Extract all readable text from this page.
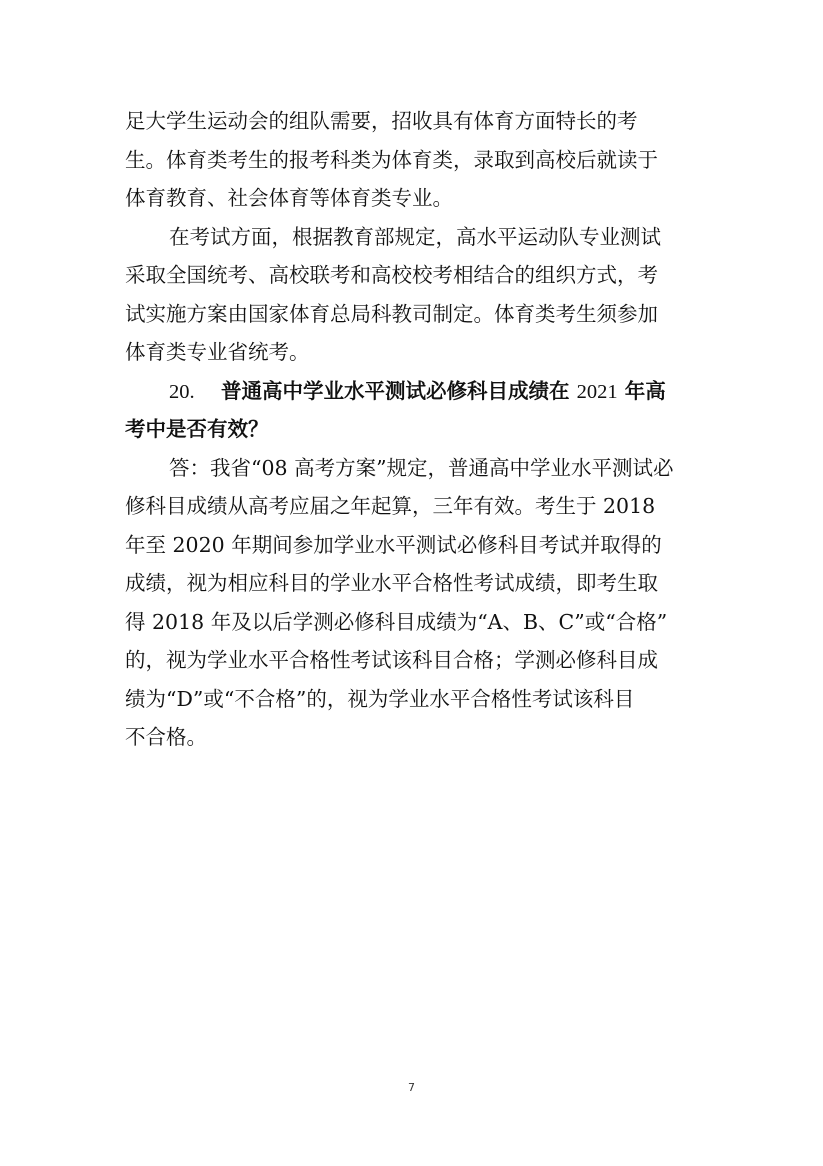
足大学生运动会的组队需要，招收具有体育方面特长的考
生。体育类考生的报考科类为体育类，录取到高校后就读于
体育教育、社会体育等体育类专业。
在考试方面，根据教育部规定，高水平运动队专业测试
采取全国统考、高校联考和高校校考相结合的组织方式，考
试实施方案由国家体育总局科教司制定。体育类考生须参加
体育类专业省统考。
20. 普通高中学业水平测试必修科目成绩在 2021 年高
考中是否有效？
答：我省“08 高考方案”规定，普通高中学业水平测试必
修科目成绩从高考应届之年起算，三年有效。考生于 2018
年至 2020 年期间参加学业水平测试必修科目考试并取得的
成绩，视为相应科目的学业水平合格性考试成绩，即考生取
得 2018 年及以后学测必修科目成绩为“A、B、C”或“合格”
的，视为学业水平合格性考试该科目合格；学测必修科目成
绩为“D”或“不合格”的，视为学业水平合格性考试该科目
不合格。
7
